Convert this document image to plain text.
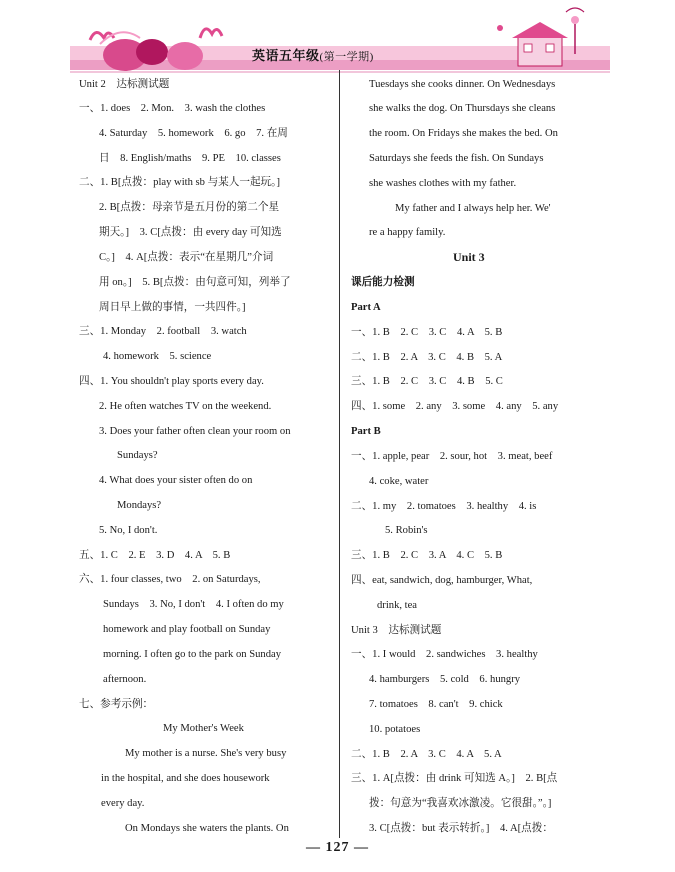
英语五年级(第一学期)
Unit 2　达标测试题
一、1. does　2. Mon.　3. wash the clothes
4. Saturday　5. homework　6. go　7. 在周
日　8. English/maths　9. PE　10. classes
二、1. B[点拨：play with sb 与某人一起玩。]
2. B[点拨：母亲节是五月份的第二个星
期天。]　3. C[点拨：由 every day 可知选
C。]　4. A[点拨：表示“在星期几”介词
用 on。]　5. B[点拨：由句意可知，列举了
周日早上做的事情，一共四件。]
三、1. Monday　2. football　3. watch
4. homework　5. science
四、1. You shouldn't play sports every day.
2. He often watches TV on the weekend.
3. Does your father often clean your room on
Sundays?
4. What does your sister often do on
Mondays?
5. No, I don't.
五、1. C　2. E　3. D　4. A　5. B
六、1. four classes, two　2. on Saturdays,
Sundays　3. No, I don't　4. I often do my
homework and play football on Sunday
morning. I often go to the park on Sunday
afternoon.
七、参考示例：
My Mother's Week
My mother is a nurse. She's very busy
in the hospital, and she does housework
every day.
On Mondays she waters the plants. On
Tuesdays she cooks dinner. On Wednesdays
she walks the dog. On Thursdays she cleans
the room. On Fridays she makes the bed. On
Saturdays she feeds the fish. On Sundays
she washes clothes with my father.
My father and I always help her. We'
re a happy family.
Unit 3
课后能力检测
Part A
一、1. B　2. C　3. C　4. A　5. B
二、1. B　2. A　3. C　4. B　5. A
三、1. B　2. C　3. C　4. B　5. C
四、1. some　2. any　3. some　4. any　5. any
Part B
一、1. apple, pear　2. sour, hot　3. meat, beef
4. coke, water
二、1. my　2. tomatoes　3. healthy　4. is
5. Robin's
三、1. B　2. C　3. A　4. C　5. B
四、eat, sandwich, dog, hamburger, What,
drink, tea
Unit 3　达标测试题
一、1. I would　2. sandwiches　3. healthy
4. hamburgers　5. cold　6. hungry
7. tomatoes　8. can't　9. chick
10. potatoes
二、1. B　2. A　3. C　4. A　5. A
三、1. A[点拨：由 drink 可知选 A。]　2. B[点
拨：句意为“我喜欢冰激凌。它很甜。”。]
3. C[点拨：but 表示转折。]　4. A[点拨：
— 127 —
